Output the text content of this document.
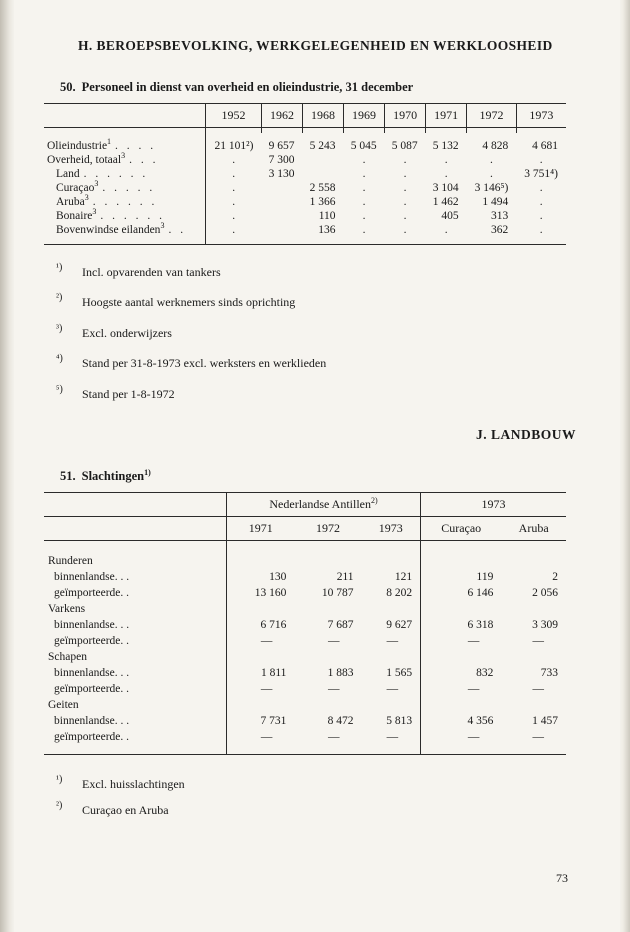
H. BEROEPSBEVOLKING, WERKGELEGENHEID EN WERKLOOSHEID
50. Personeel in dienst van overheid en olieindustrie, 31 december
	1952	1962	1968	1969	1970	1971	1972	1973

Olieindustrie$^1$ . . . .	21 101²)	9 657	5 243	5 045	5 087	5 132	4 828	4 681
Overheid, totaal$^3$ . . .	.	7 300		.	.	.	.	.
Land . . . . . .	.	3 130		.	.	.	.	3 751⁴)
Curaçao$^3$ . . . . .	.		2 558	.	.	3 104	3 146⁵)	.
Aruba$^3$ . . . . . .	.		1 366	.	.	1 462	1 494	.
Bonaire$^3$ . . . . . .	.		110	.	.	405	313	.
Bovenwindse eilanden$^3$ . .	.		136	.	.	.	362	.

¹) Incl. opvarenden van tankers

²) Hoogste aantal werknemers sinds oprichting

³) Excl. onderwijzers

⁴) Stand per 31-8-1973 excl. werksters en werklieden

⁵) Stand per 1-8-1972

J. LANDBOUW
51. Slachtingen$^{1)}$
	Nederlandse Antillen$^{2)}$			1973	
	1971	1972	1973	Curaçao	Aruba

Runderen					
binnenlandse. . .	130	211	121	119	2
geïmporteerde. .	13 160	10 787	8 202	6 146	2 056
Varkens					
binnenlandse. . .	6 716	7 687	9 627	6 318	3 309
geïmporteerde. .	—	—	—	—	—
Schapen					
binnenlandse. . .	1 811	1 883	1 565	832	733
geïmporteerde. .	—	—	—	—	—
Geiten					
binnenlandse. . .	7 731	8 472	5 813	4 356	1 457
geïmporteerde. .	—	—	—	—	—

¹) Excl. huisslachtingen

²) Curaçao en Aruba

73
